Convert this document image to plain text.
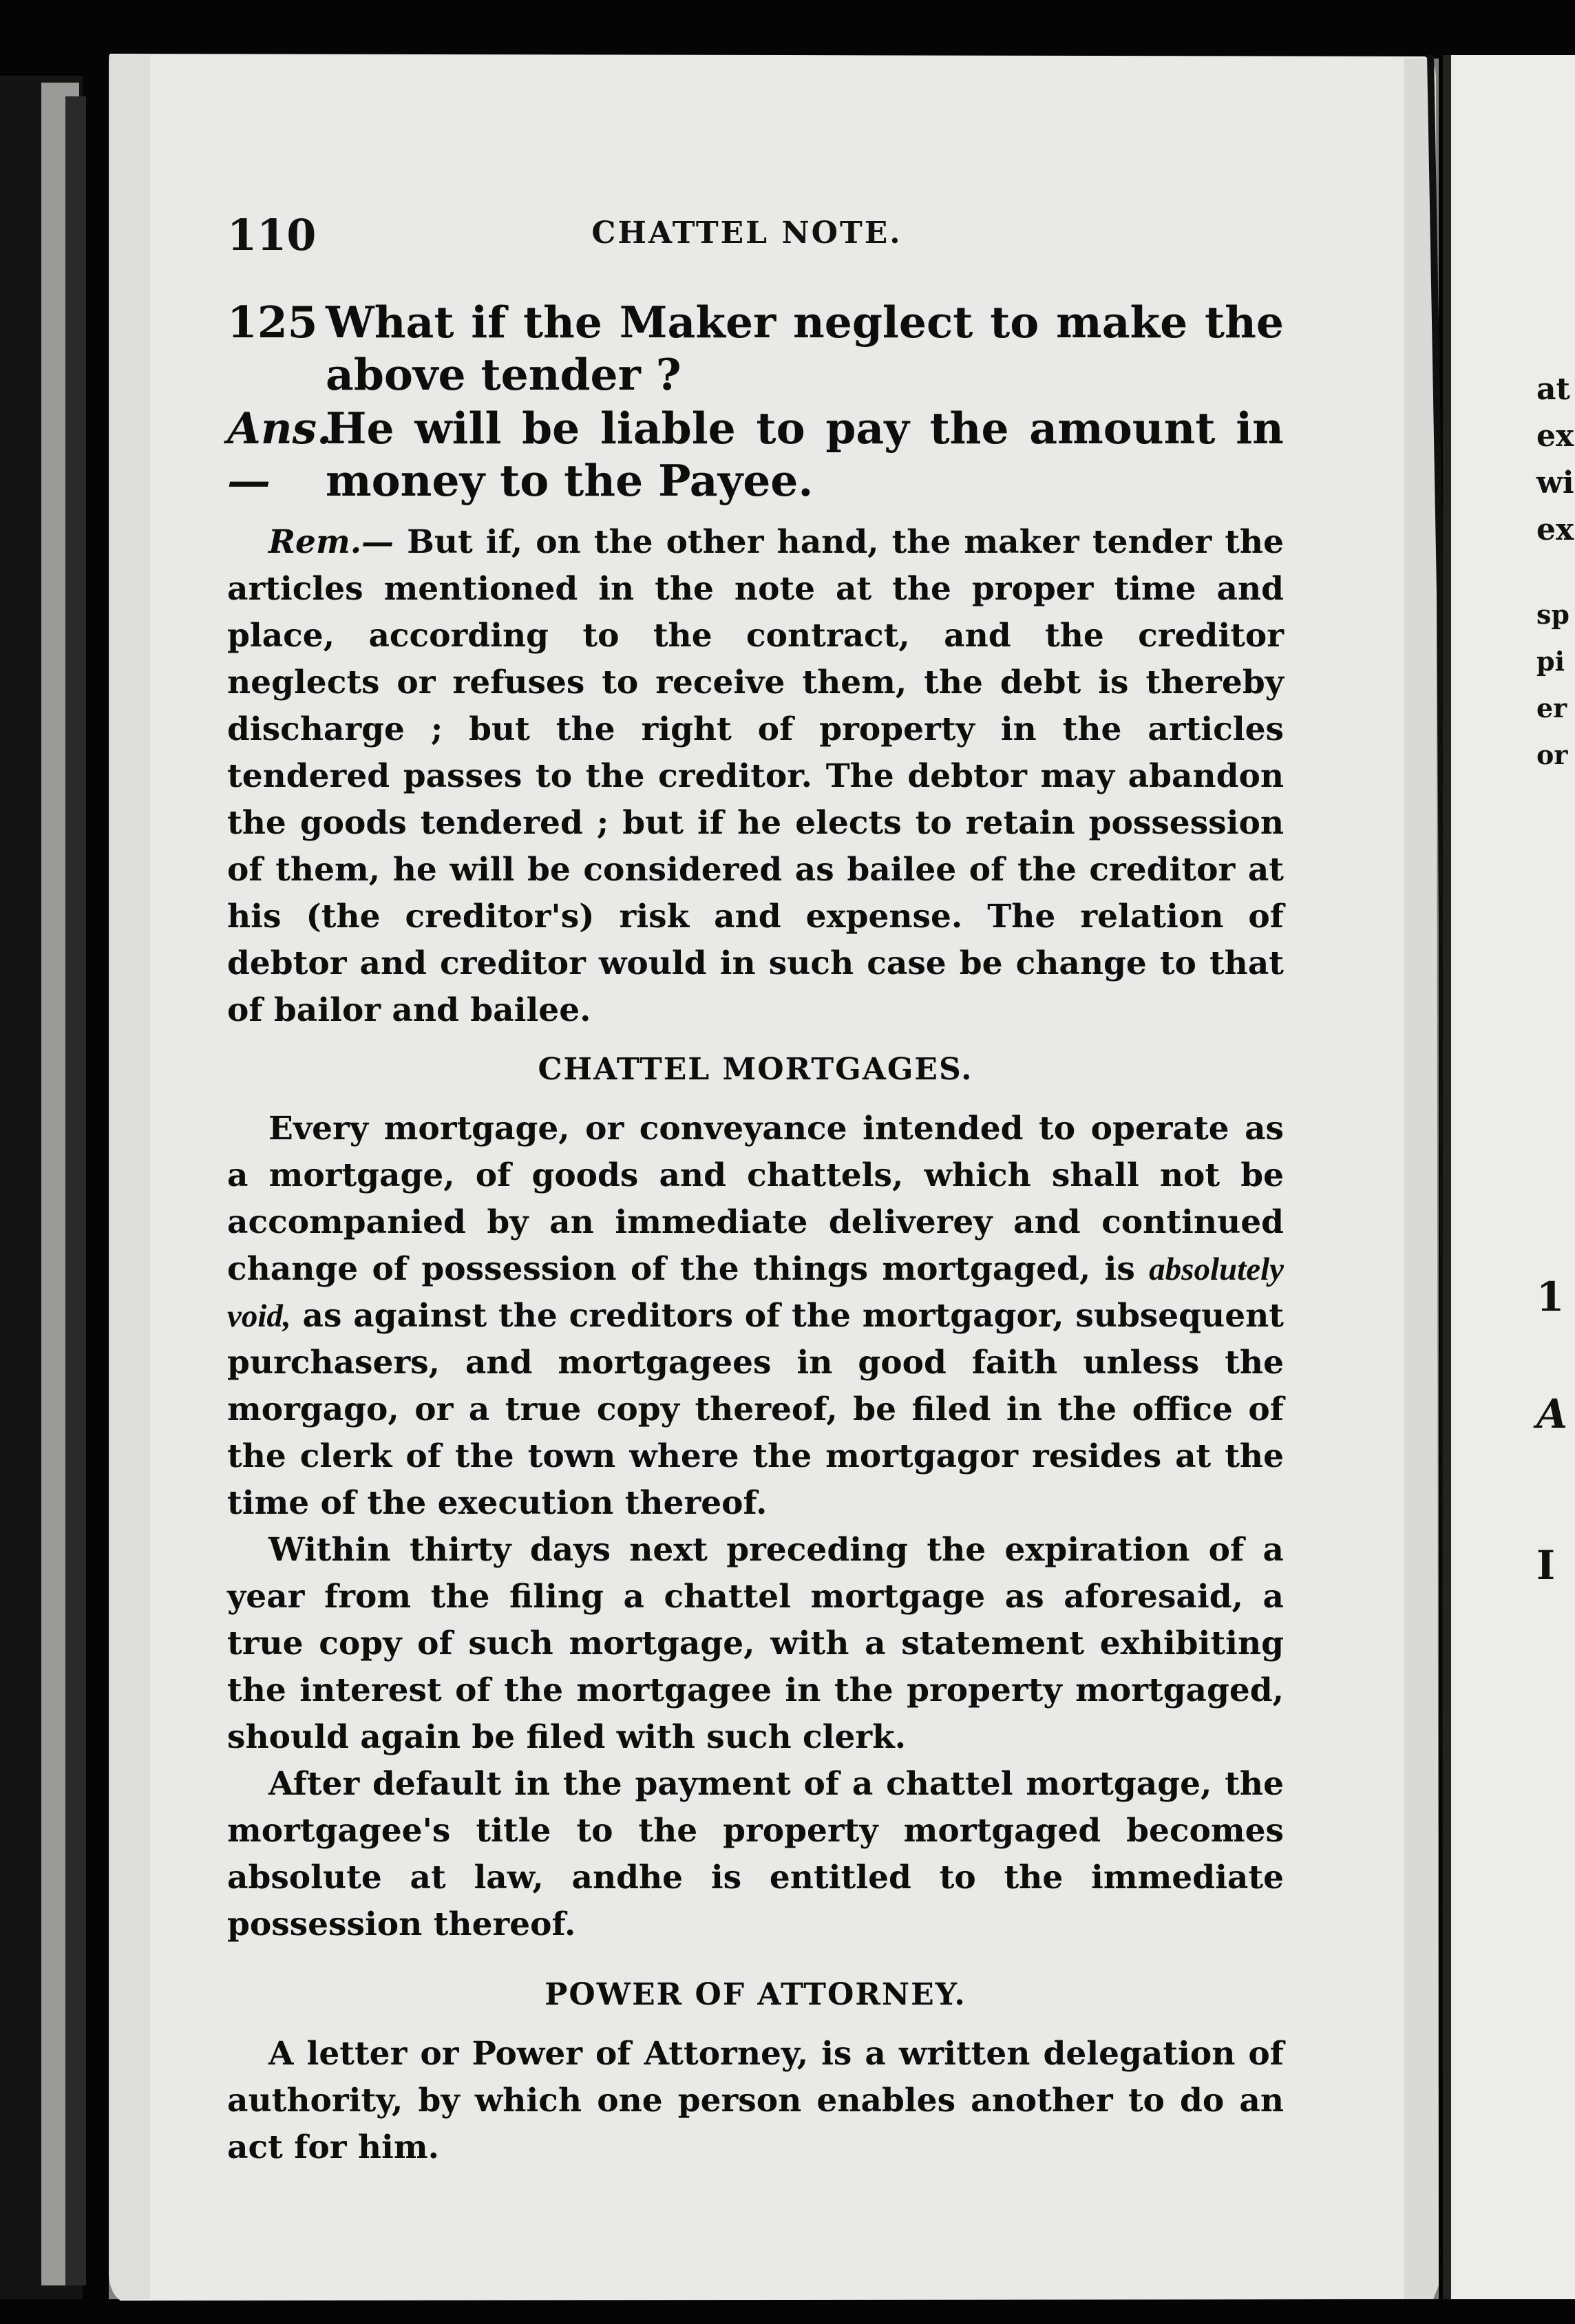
at
ex
wi
ex
sp
pi
er
or
1
A
I
110	CHATTEL NOTE.
125 What if the Maker neglect to make the above tender ?
Ans.—
He will be liable to pay the amount in money to the Payee.

Rem.— But if, on the other hand, the maker tender the articles mentioned in the note at the proper time and place, according to the contract, and the creditor neglects or refuses to receive them, the debt is thereby discharge ; but the right of property in the articles tendered passes to the creditor. The debtor may abandon the goods tendered ; but if he elects to retain possession of them, he will be considered as bailee of the creditor at his (the creditor's) risk and expense. The relation of debtor and creditor would in such case be change to that of bailor and bailee.

CHATTEL MORTGAGES.

Every mortgage, or conveyance intended to operate as a mortgage, of goods and chattels, which shall not be accompanied by an immediate deliverey and continued change of possession of the things mortgaged, is absolutely void, as against the creditors of the mortgagor, subsequent purchasers, and mortgagees in good faith unless the morgago, or a true copy thereof, be filed in the office of the clerk of the town where the mortgagor resides at the time of the execution thereof.

Within thirty days next preceding the expiration of a year from the filing a chattel mortgage as aforesaid, a true copy of such mortgage, with a statement exhibiting the interest of the mortgagee in the property mortgaged, should again be filed with such clerk.

After default in the payment of a chattel mortgage, the mortgagee's title to the property mortgaged becomes absolute at law, andhe is entitled to the immediate possession thereof.

POWER OF ATTORNEY.

A letter or Power of Attorney, is a written delegation of authority, by which one person enables another to do an act for him.
